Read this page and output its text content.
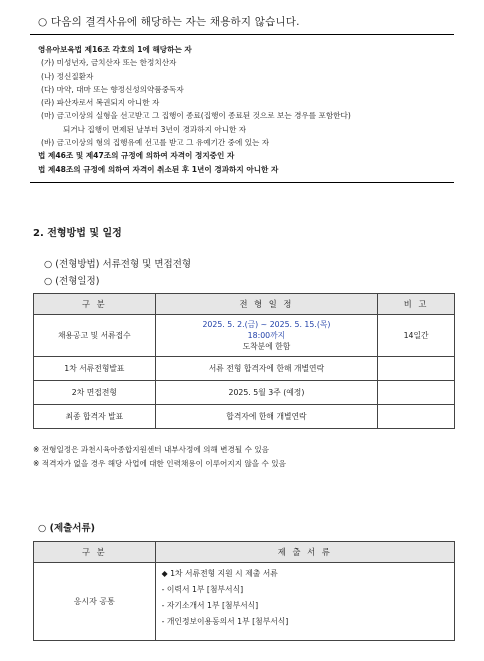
○ 다음의 결격사유에 해당하는 자는 채용하지 않습니다.
영유아보육법 제16조 각호의 1에 해당하는 자
(가) 미성년자, 금치산자 또는 한정치산자
(나) 정신질환자
(다) 마약, 대마 또는 향정신성의약품중독자
(라) 파산자로서 복권되지 아니한 자
(마) 금고이상의 실형을 선고받고 그 집행이 종료(집행이 종료된 것으로 보는 경우를 포함한다)
되거나 집행이 면제된 날부터 3년이 경과하지 아니한 자
(바) 금고이상의 형의 집행유예 선고를 받고 그 유예기간 중에 있는 자
법 제46조 및 제47조의 규정에 의하여 자격이 정지중인 자
법 제48조의 규정에 의하여 자격이 취소된 후 1년이 경과하지 아니한 자
2. 전형방법 및 일정
○ (전형방법) 서류전형 및 면접전형
○ (전형일정)
구 분	전 형 일 정	비 고
채용공고 및 서류접수	2025. 5. 2.(금) ~ 2025. 5. 15.(목)
18:00까지
도착분에 한함	14일간
1차 서류전형발표	서류 전형 합격자에 한해 개별연락	
2차 면접전형	2025. 5월 3주 (예정)	
최종 합격자 발표	합격자에 한해 개별연락	
※ 전형일정은 과천시육아종합지원센터 내부사정에 의해 변경될 수 있음
※ 적격자가 없을 경우 해당 사업에 대한 인력채용이 이루어지지 않을 수 있음
○ (제출서류)
구 분	제 출 서 류
응시자 공통	◆ 1차 서류전형 지원 시 제출 서류
- 이력서 1부 [첨부서식]
- 자기소개서 1부 [첨부서식]
- 개인정보이용동의서 1부 [첨부서식]
